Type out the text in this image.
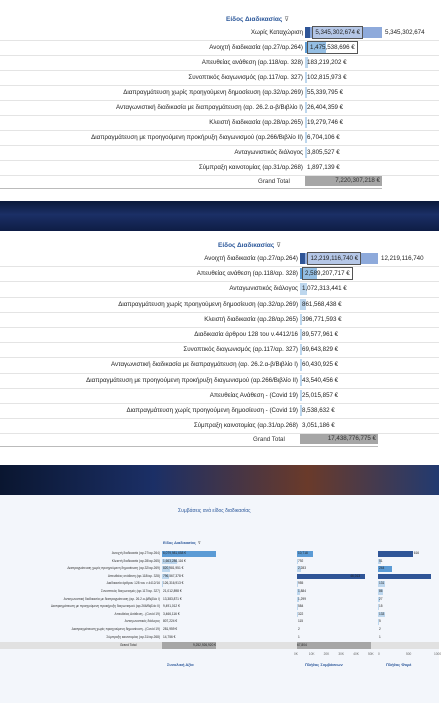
Είδος Διαδικασίας ⊽
Χωρίς Καταχώριση	5,345,302,674 €	5,345,302,674
Ανοιχτή διαδικασία (αρ.27/αρ.264)	1,475,538,696 €
Απευθείας ανάθεση (αρ.118/αρ. 328) 183,219,202 €
Συνοπτικός διαγωνισμός (αρ.117/αρ. 327) 102,815,973 €
Διαπραγμάτευση χωρίς προηγούμενη δημοσίευση (αρ.32/αρ.269) 55,339,795 €
Ανταγωνιστική διαδικασία με διαπραγμάτευση (αρ. 26.2.α-β/Βιβλίο Ι) 26,404,359 €
Κλειστή διαδικασία (αρ.28/αρ.265) 19,279,746 €
Διαπραγμάτευση με προηγούμενη προκήρυξη διαγωνισμού (αρ.266/Βιβλίο ΙΙ) 6,704,106 €
Ανταγωνιστικός διάλογος 3,805,527 €
Σύμπραξη καινοτομίας (αρ.31/αρ.268) 1,897,139 €
Grand Total	7,220,307,218 €
Είδος Διαδικασίας ⊽
Ανοιχτή διαδικασία (αρ.27/αρ.264)	12,219,116,740 €	12,219,116,740
Απευθείας ανάθεση (αρ.118/αρ. 328)	2,589,207,717 €
Ανταγωνιστικός διάλογος 1,072,313,441 €
Διαπραγμάτευση χωρίς προηγούμενη δημοσίευση (αρ.32/αρ.269) 861,568,438 €
Κλειστή διαδικασία (αρ.28/αρ.265) 396,771,593 €
Διαδικασία άρθρου 128 του ν.4412/16 89,577,961 €
Συνοπτικός διαγωνισμός (αρ.117/αρ. 327) 69,643,829 €
Ανταγωνιστική διαδικασία με διαπραγμάτευση (αρ. 26.2.α-β/Βιβλίο Ι) 60,430,925 €
Διαπραγμάτευση με προηγούμενη προκήρυξη διαγωνισμού (αρ.266/Βιβλίο ΙΙ) 43,540,456 €
Απευθείας Ανάθεση - (Covid 19) 25,015,857 €
Διαπραγμάτευση χωρίς προηγούμενη δημοσίευση - (Covid 19) 8,538,632 €
Σύμπραξη καινοτομίας (αρ.31/αρ.268) 3,051,186 €
Grand Total	17,438,776,775 €
Συμβάσεις ανά είδος διαδικασίας
Είδος Διαδικασίας ⊽
Ανοιχτή διαδικασία (αρ.27/αρ.264) 6,079,981,658 €	10,718	616
Κλειστή διαδικασία (αρ.28/αρ.265) 1,663,286,116 €	792	51
Διαπραγμάτευση χωρίς προηγούμενη δημοσίευση (αρ.32/αρ.269) 820,981,951 €	2,283	244
Απευθείας ανάθεση (αρ.118/αρ. 328) 796,567,378 €	46,013
Διαδικασία άρθρου 128 του ν.4412/16 126,316,913 €	955	131
Συνοπτικός διαγωνισμός (αρ.117/αρ. 327) 21,012,898 €	1,884	86
Ανταγωνιστική διαδικασία με διαπραγμάτευση (αρ. 26.2.α-β/Βιβλίο Ι) 13,383,871 €	1,299	27
Διαπραγμάτευση με προηγούμενη προκήρυξη διαγωνισμού (αρ.266/Βιβλίο ΙΙ) 9,491,012 €	584	15
Απευθείας Ανάθεση - (Covid 19) 3,466,116 €	322	133
Ανταγωνιστικός διάλογος 807,224 €	115	5
Διαπραγμάτευση χωρίς προηγούμενη δημοσίευση - (Covid 19) 281,959 €	2	2
Σύμπραξη καινοτομίας (αρ.31/αρ.268) 14,756 €	1	1
Grand Total	9,252,926,920 €	67,804
0K	10K	20K	30K	40K	50K 0	500	1000
Συνολική Αξία	Πλήθος Συμβάσεων	Πλήθος Φορέ
